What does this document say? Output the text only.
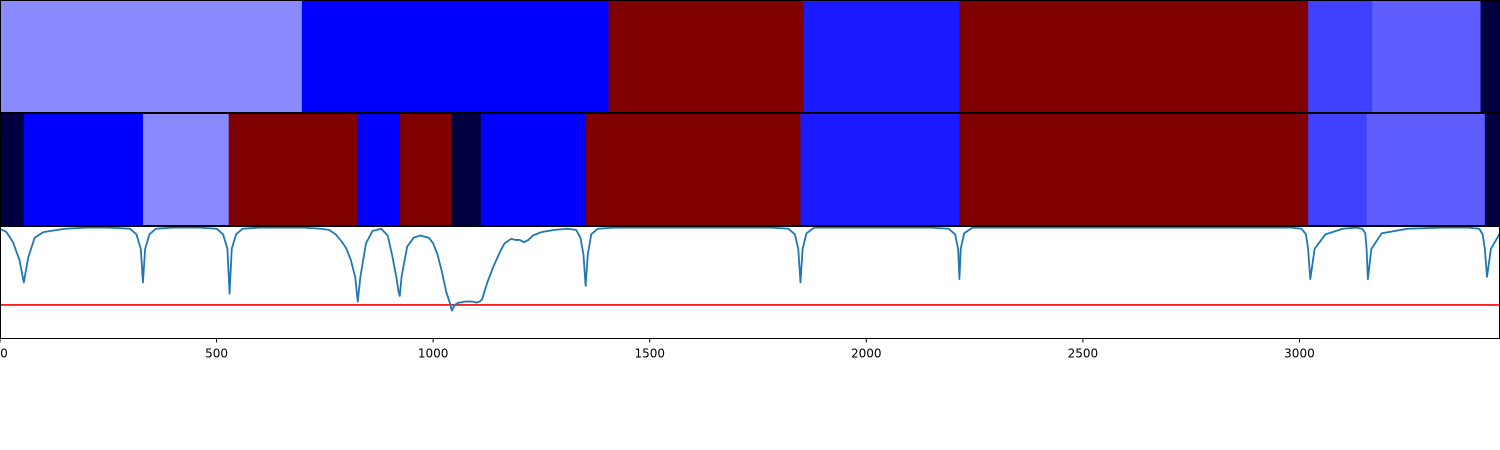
0	500	1000	1500	2000	2500	3000
